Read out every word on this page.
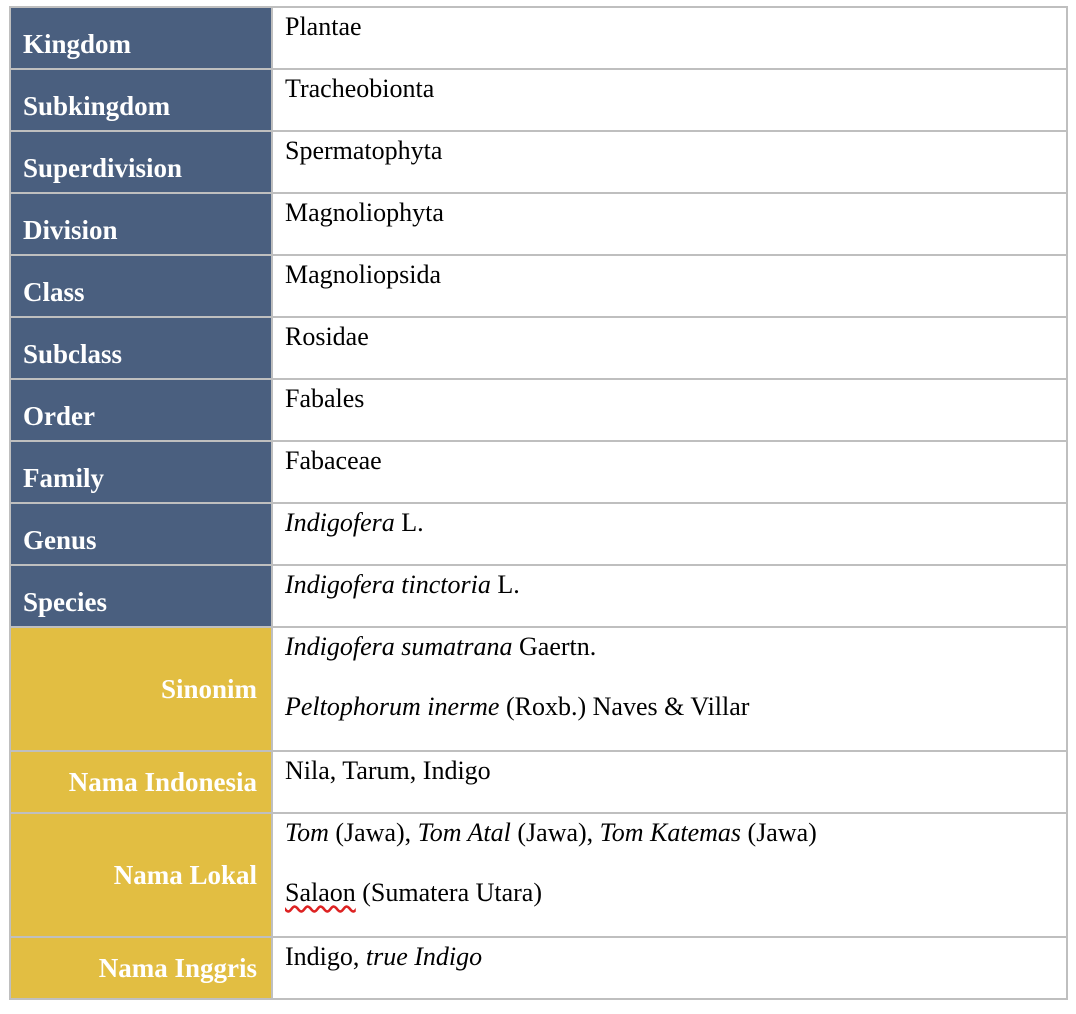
Kingdom	Plantae
Subkingdom	Tracheobionta
Superdivision	Spermatophyta
Division	Magnoliophyta
Class	Magnoliopsida
Subclass	Rosidae
Order	Fabales
Family	Fabaceae
Genus	Indigofera L.
Species	Indigofera tinctoria L.
Sinonim	Indigofera sumatrana Gaertn.

Peltophorum inerme (Roxb.) Naves & Villar

Nama Indonesia	Nila, Tarum, Indigo
Nama Lokal	Tom (Jawa), Tom Atal (Jawa), Tom Katemas (Jawa)

Salaon (Sumatera Utara)

Nama Inggris	Indigo, true Indigo
